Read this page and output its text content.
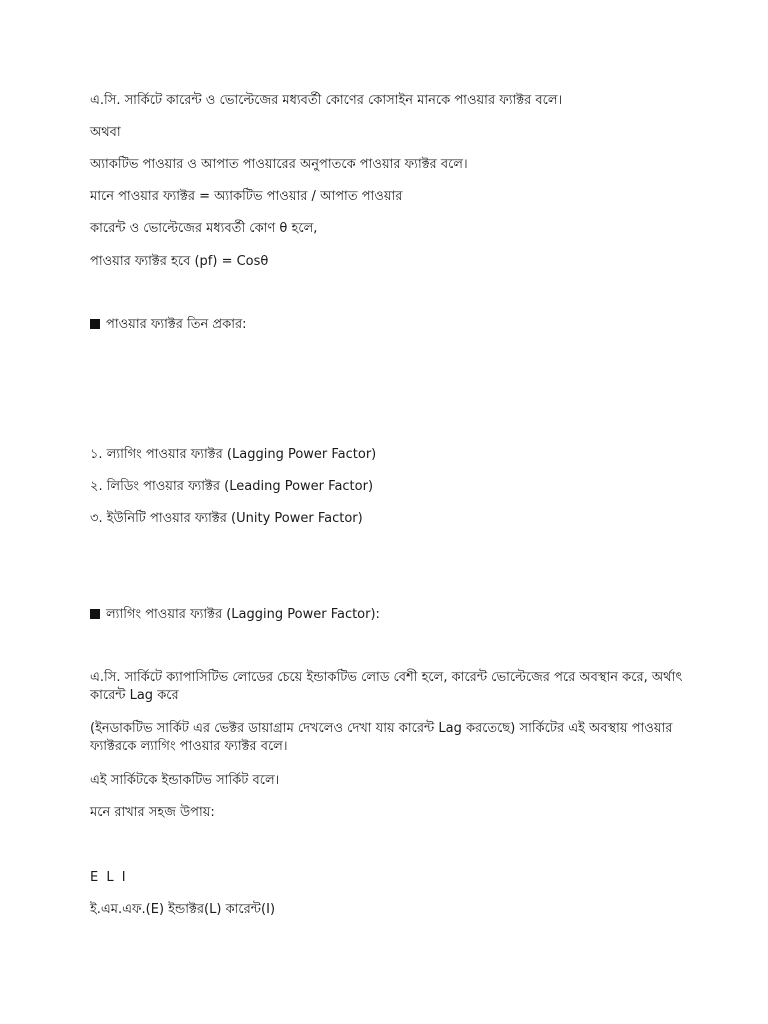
এ.সি. সার্কিটে কারেন্ট ও ভোল্টেজের মধ্যবর্তী কোণের কোসাইন মানকে পাওয়ার ফ্যাক্টর বলে।
অথবা
অ্যাকটিভ পাওয়ার ও আপাত পাওয়ারের অনুপাতকে পাওয়ার ফ্যাক্টর বলে।
মানে পাওয়ার ফ্যাক্টর = অ্যাকটিভ পাওয়ার / আপাত পাওয়ার
কারেন্ট ও ভোল্টেজের মধ্যবর্তী কোণ θ হলে,
পাওয়ার ফ্যাক্টর হবে (pf) = Cosθ
পাওয়ার ফ্যাক্টর তিন প্রকার:
১. ল্যাগিং পাওয়ার ফ্যাক্টর (Lagging Power Factor)
২. লিডিং পাওয়ার ফ্যাক্টর (Leading Power Factor)
৩. ইউনিটি পাওয়ার ফ্যাক্টর (Unity Power Factor)
ল্যাগিং পাওয়ার ফ্যাক্টর (Lagging Power Factor):
এ.সি. সার্কিটে ক্যাপাসিটিভ লোডের চেয়ে ইন্ডাকটিভ লোড বেশী হলে, কারেন্ট ভোল্টেজের পরে অবস্থান করে, অর্থাৎ কারেন্ট Lag করে
(ইনডাকটিভ সার্কিট এর ভেক্টর ডায়াগ্রাম দেখলেও দেখা যায় কারেন্ট Lag করতেছে) সার্কিটের এই অবস্থায় পাওয়ার ফ্যাক্টরকে ল্যাগিং পাওয়ার ফ্যাক্টর বলে।
এই সার্কিটকে ইন্ডাকটিভ সার্কিট বলে।
মনে রাখার সহজ উপায়:
E L I
ই.এম.এফ.(E) ইন্ডাক্টর(L) কারেন্ট(I)
